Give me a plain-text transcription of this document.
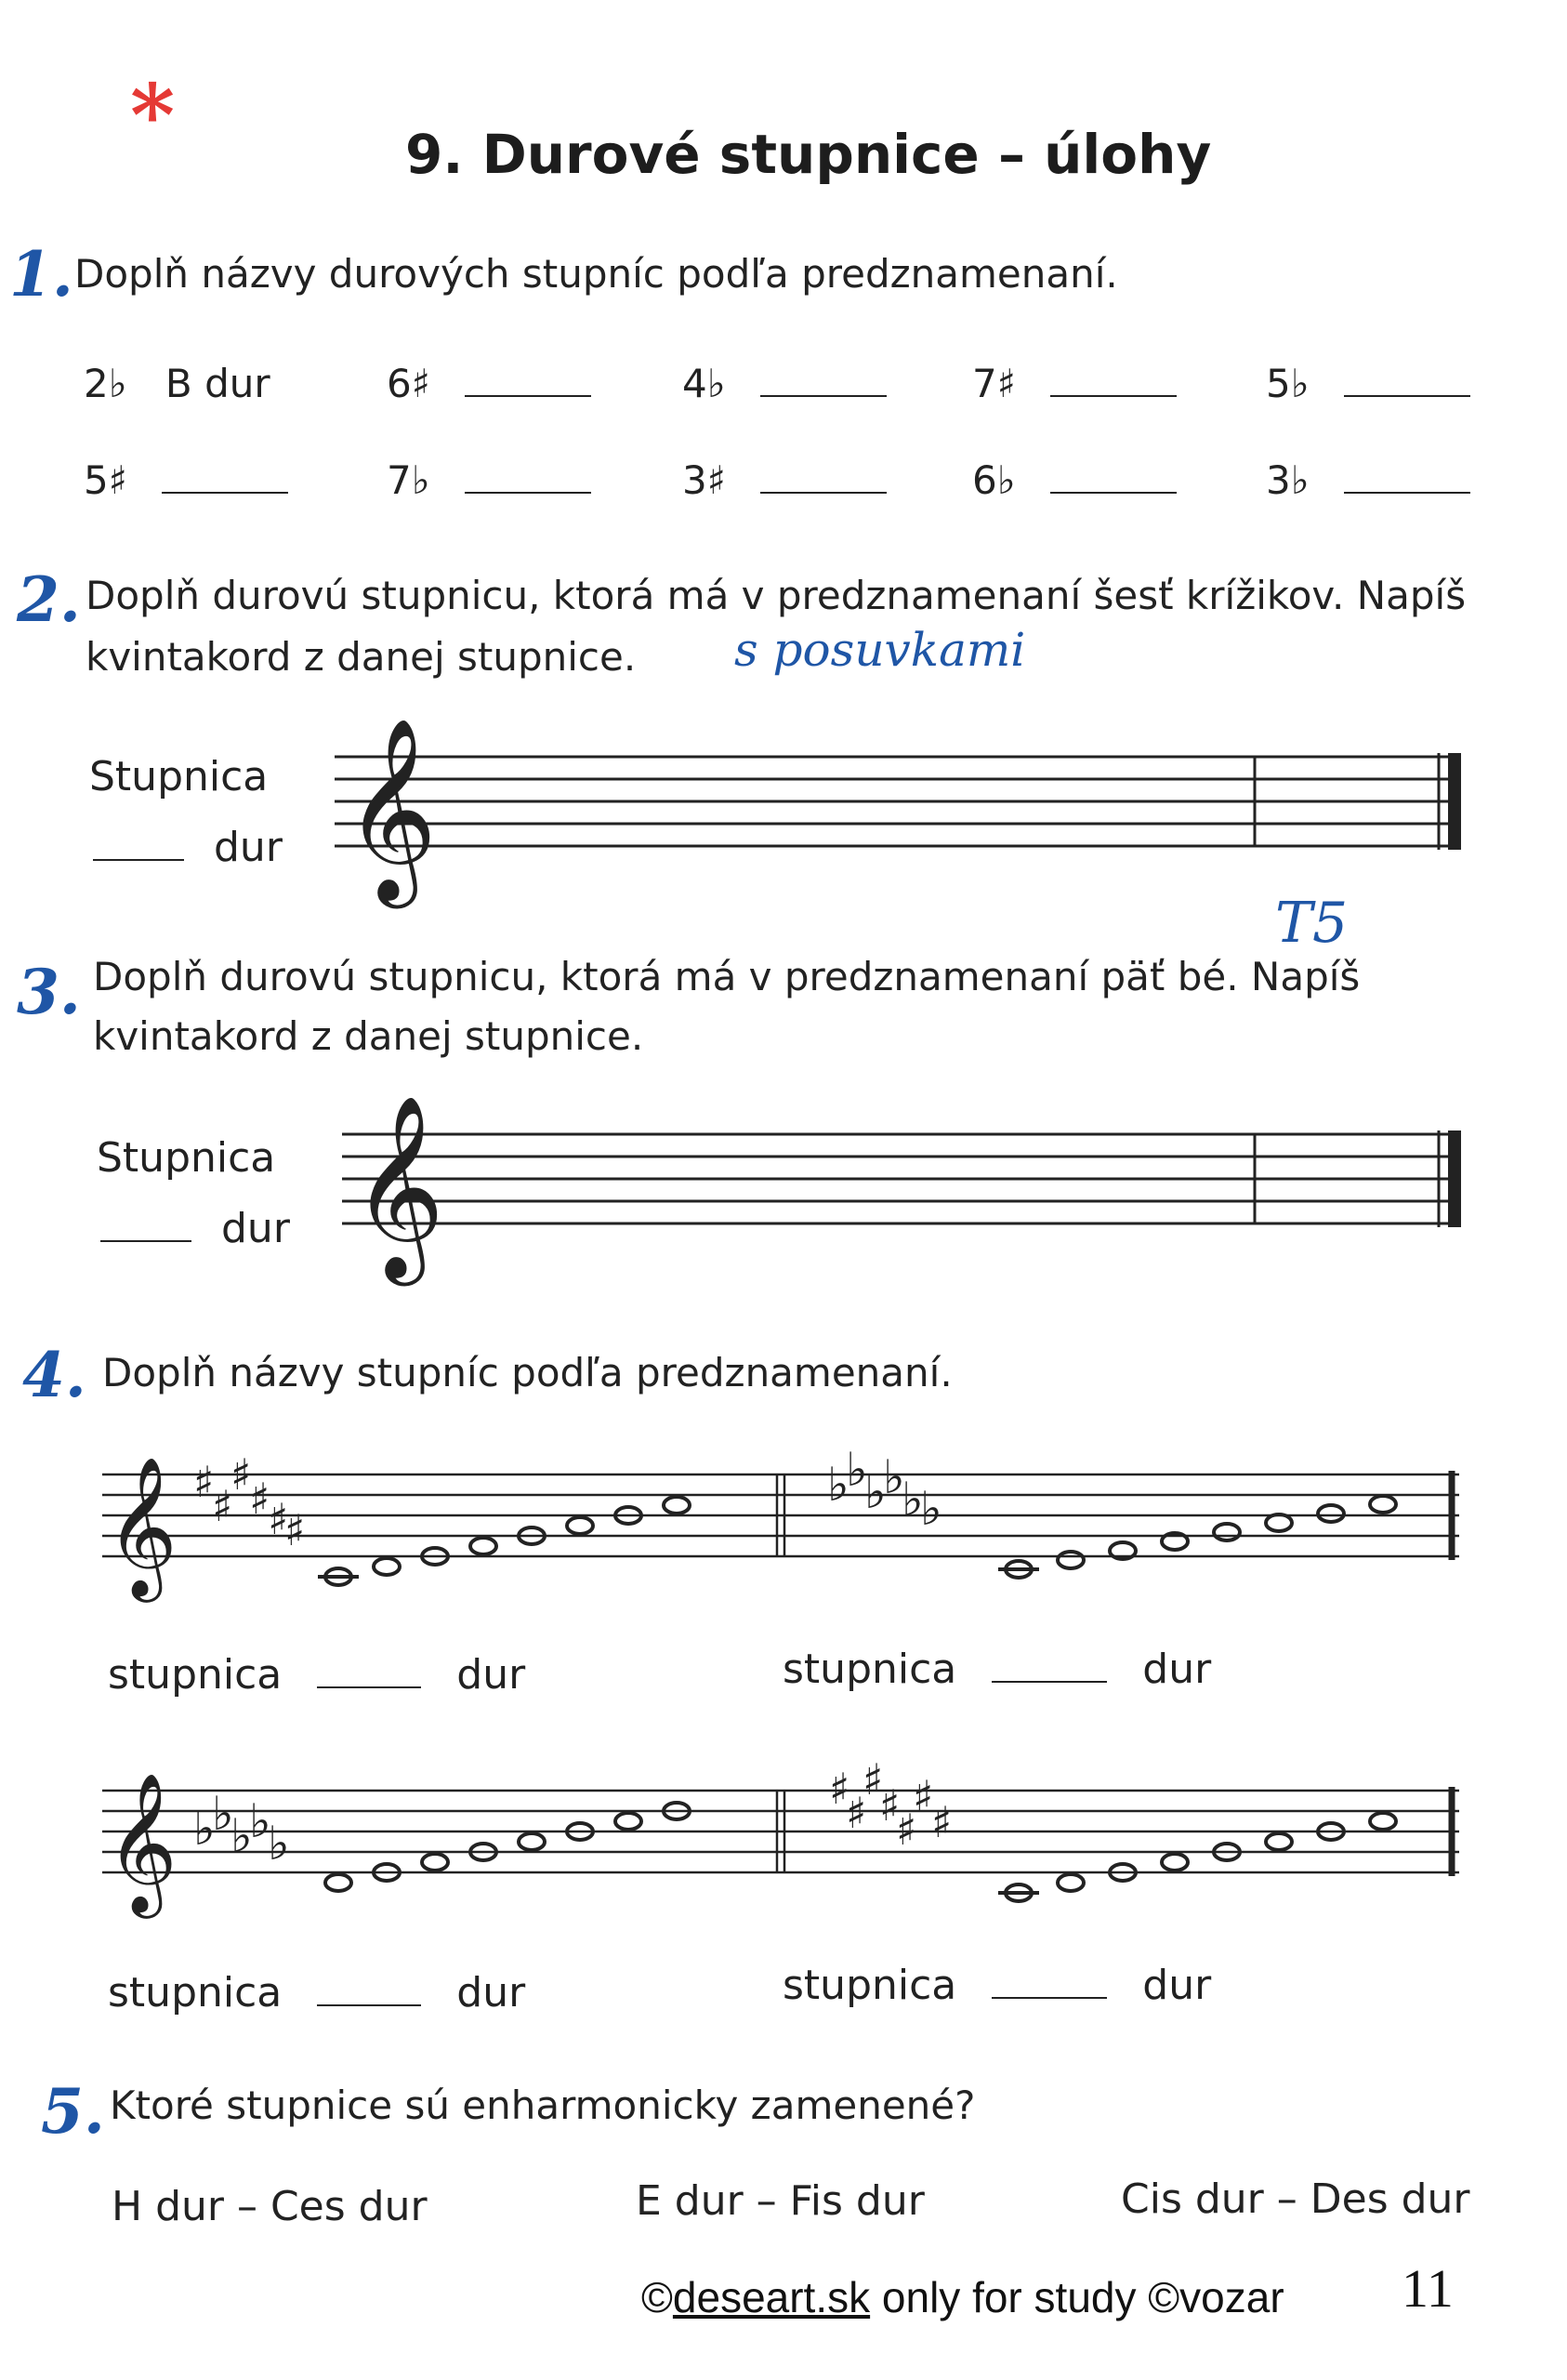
*	9. Durové stupnice – úlohy
1. Doplň názvy durových stupníc podľa predznamenaní.
2♭ B dur	6♯	4♭	7♯	5♭
5♯	7♭	3♯	6♭	3♭
2. Doplň durovú stupnicu, ktorá má v predznamenaní šesť krížikov. Napíš
kvintakord z danej stupnice. s posuvkami
Stupnica
dur 𝄞
T5
3. Doplň durovú stupnicu, ktorá má v predznamenaní päť bé. Napíš
kvintakord z danej stupnice.
Stupnica
dur 𝄞
4. Doplň názvy stupníc podľa predznamenaní.
𝄞 ♯
♯
♯
♯
♯
♯
♭
♭
♭
♭
♭
♭
stupnica	dur	stupnica	dur
𝄞 ♭
♭
♭
♭
♭
♯
♯
♯
♯
♯
♯
♯
stupnica	dur	stupnica	dur
5. Ktoré stupnice sú enharmonicky zamenené?
H dur – Ces dur	E dur – Fis dur	Cis dur – Des dur
©deseart.sk only for study ©vozar 11
